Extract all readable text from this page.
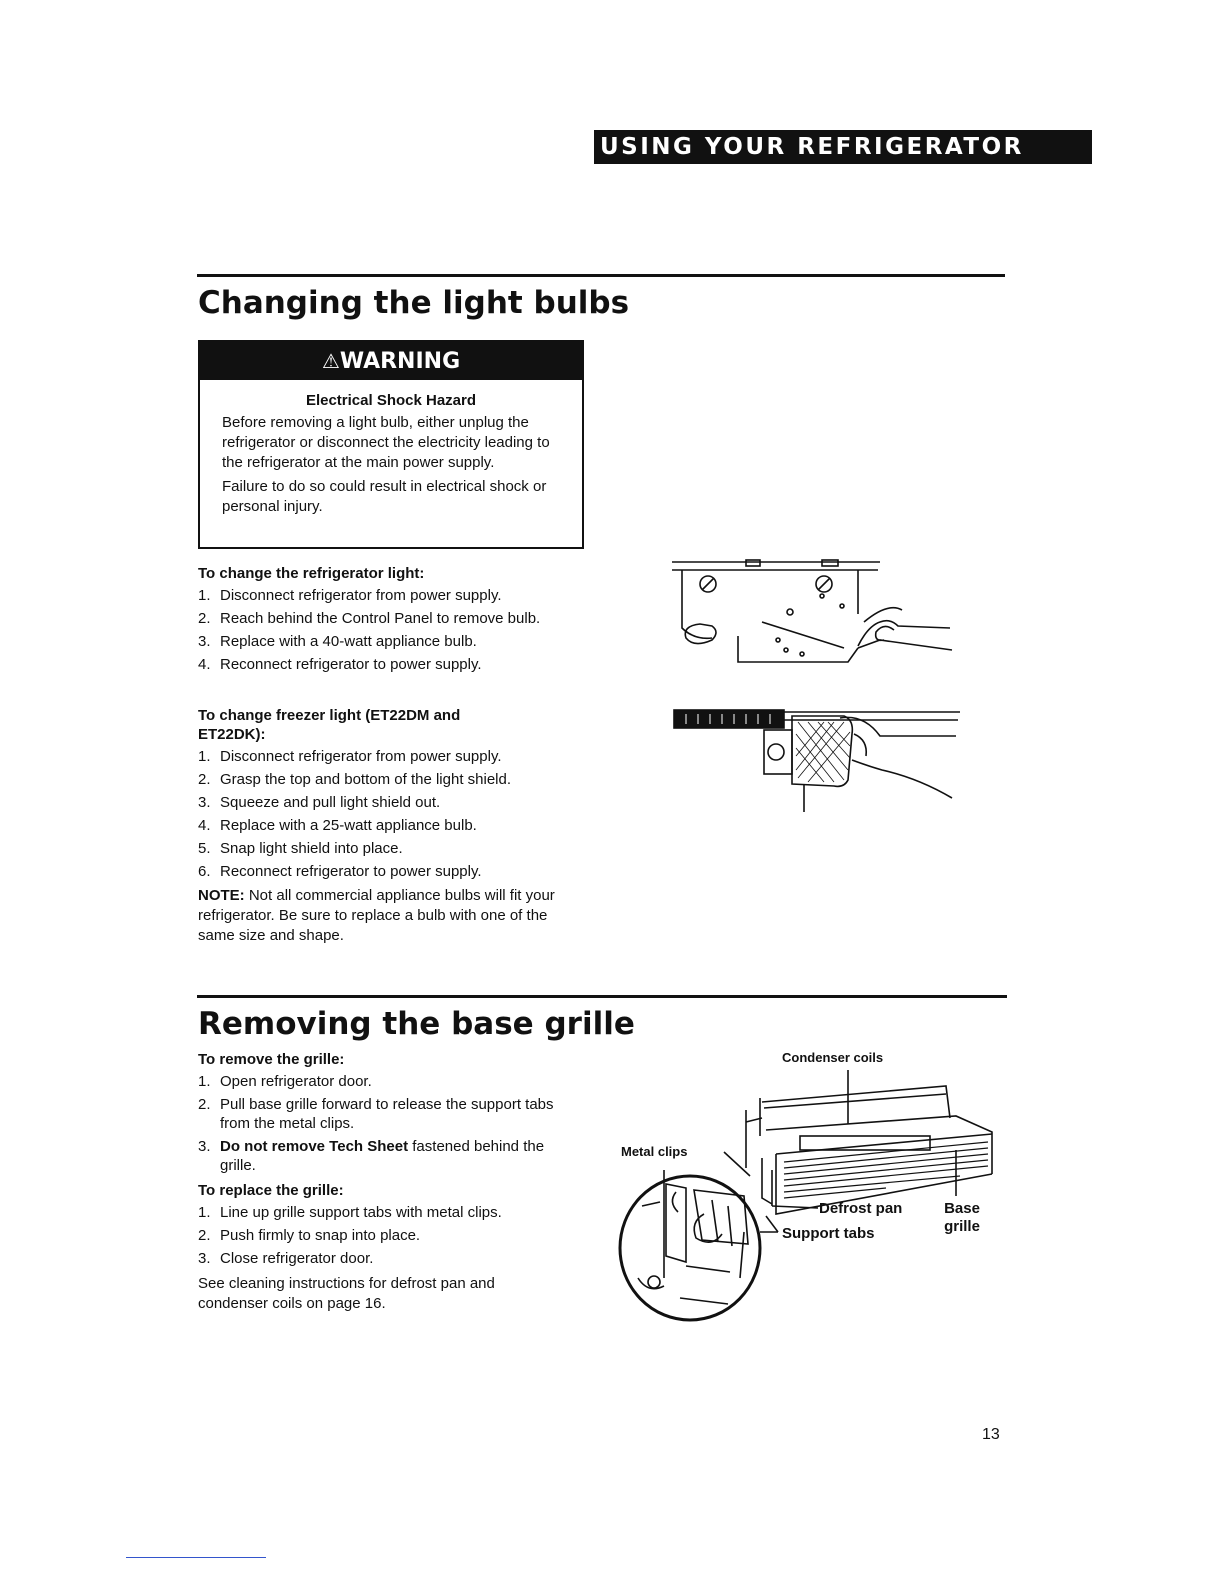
USING YOUR REFRIGERATOR
Changing the light bulbs
⚠WARNING
Electrical Shock Hazard
Before removing a light bulb, either unplug the refrigerator or disconnect the electricity leading to the refrigerator at the main power supply.
Failure to do so could result in electrical shock or personal injury.
To change the refrigerator light:
1. Disconnect refrigerator from power supply.
2. Reach behind the Control Panel to remove bulb.
3. Replace with a 40-watt appliance bulb.
4. Reconnect refrigerator to power supply.
To change freezer light (ET22DM and ET22DK):
1. Disconnect refrigerator from power supply.
2. Grasp the top and bottom of the light shield.
3. Squeeze and pull light shield out.
4. Replace with a 25-watt appliance bulb.
5. Snap light shield into place.
6. Reconnect refrigerator to power supply.
NOTE: Not all commercial appliance bulbs will fit your refrigerator. Be sure to replace a bulb with one of the same size and shape.
Removing the base grille
To remove the grille:
1. Open refrigerator door.
2. Pull base grille forward to release the support tabs from the metal clips.
3. Do not remove Tech Sheet fastened behind the grille.
To replace the grille:
1. Line up grille support tabs with metal clips.
2. Push firmly to snap into place.
3. Close refrigerator door.
See cleaning instructions for defrost pan and condenser coils on page 16.
Condenser coils
Metal clips
Defrost pan	Base grille
Support tabs
13
